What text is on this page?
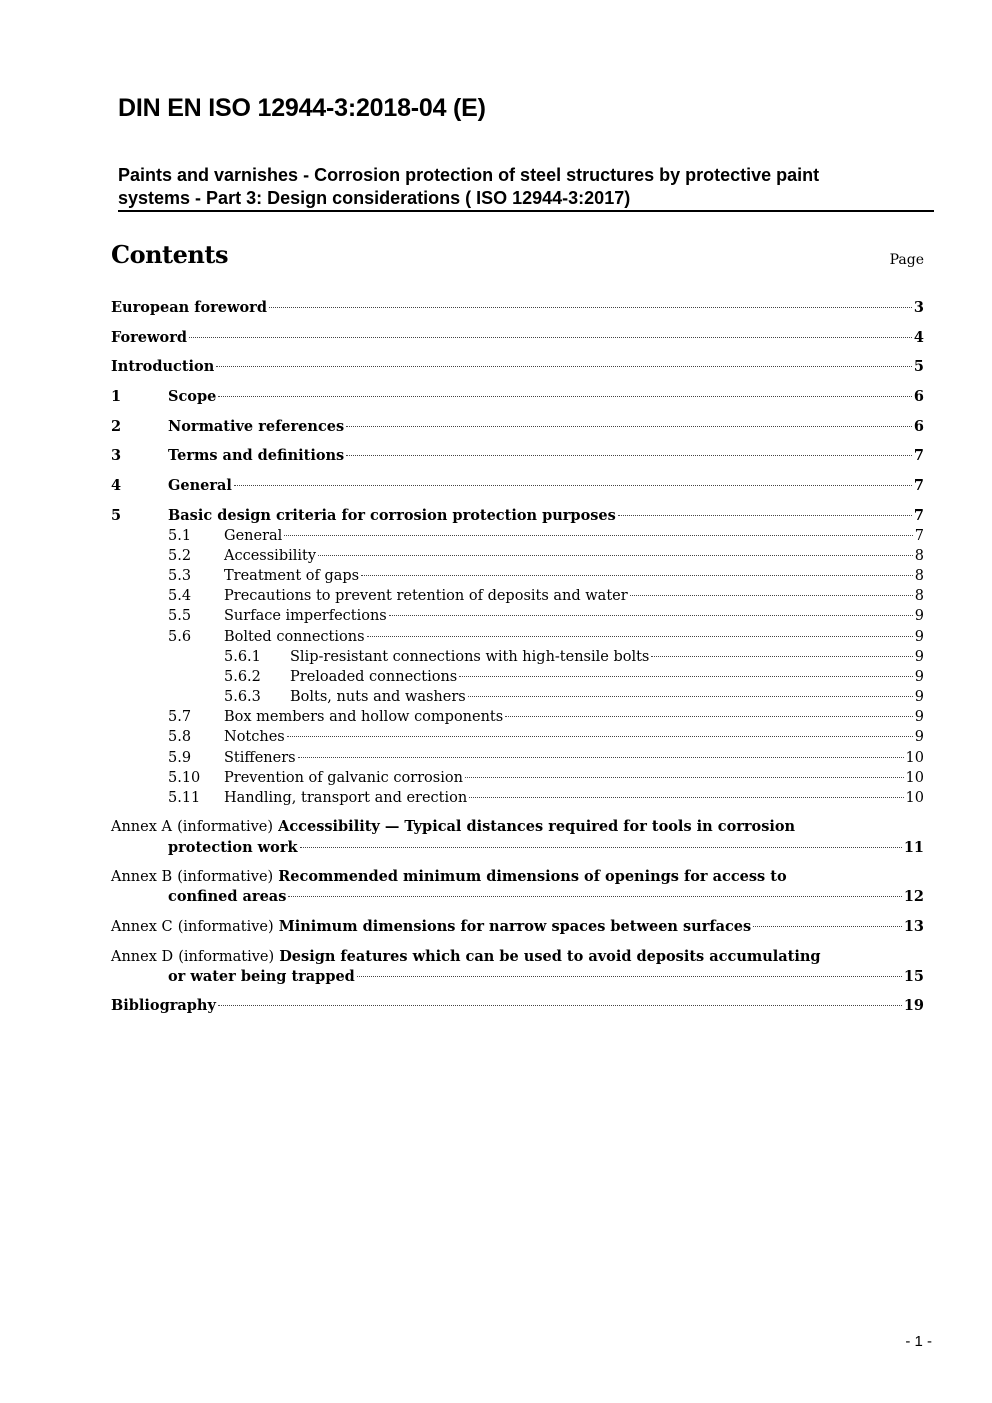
DIN EN ISO 12944-3:2018-04 (E)
Paints and varnishes - Corrosion protection of steel structures by protective paint
systems - Part 3: Design considerations ( ISO 12944-3:2017)
Contents	Page
European foreword	3
Foreword	4
Introduction	5
1	Scope	6
2	Normative references	6
3	Terms and definitions	7
4	General	7
5	Basic design criteria for corrosion protection purposes	7
5.1	General	7
5.2	Accessibility	8
5.3	Treatment of gaps	8
5.4	Precautions to prevent retention of deposits and water	8
5.5	Surface imperfections	9
5.6	Bolted connections	9
5.6.1	Slip-resistant connections with high-tensile bolts	9
5.6.2	Preloaded connections	9
5.6.3	Bolts, nuts and washers	9
5.7	Box members and hollow components	9
5.8	Notches	9
5.9	Stiffeners	10
5.10	Prevention of galvanic corrosion	10
5.11	Handling, transport and erection	10
Annex A (informative) Accessibility — Typical distances required for tools in corrosion
protection work	11
Annex B (informative) Recommended minimum dimensions of openings for access to
confined areas	12
Annex C (informative) Minimum dimensions for narrow spaces between surfaces	13
Annex D (informative) Design features which can be used to avoid deposits accumulating
or water being trapped	15
Bibliography	19
- 1 -
